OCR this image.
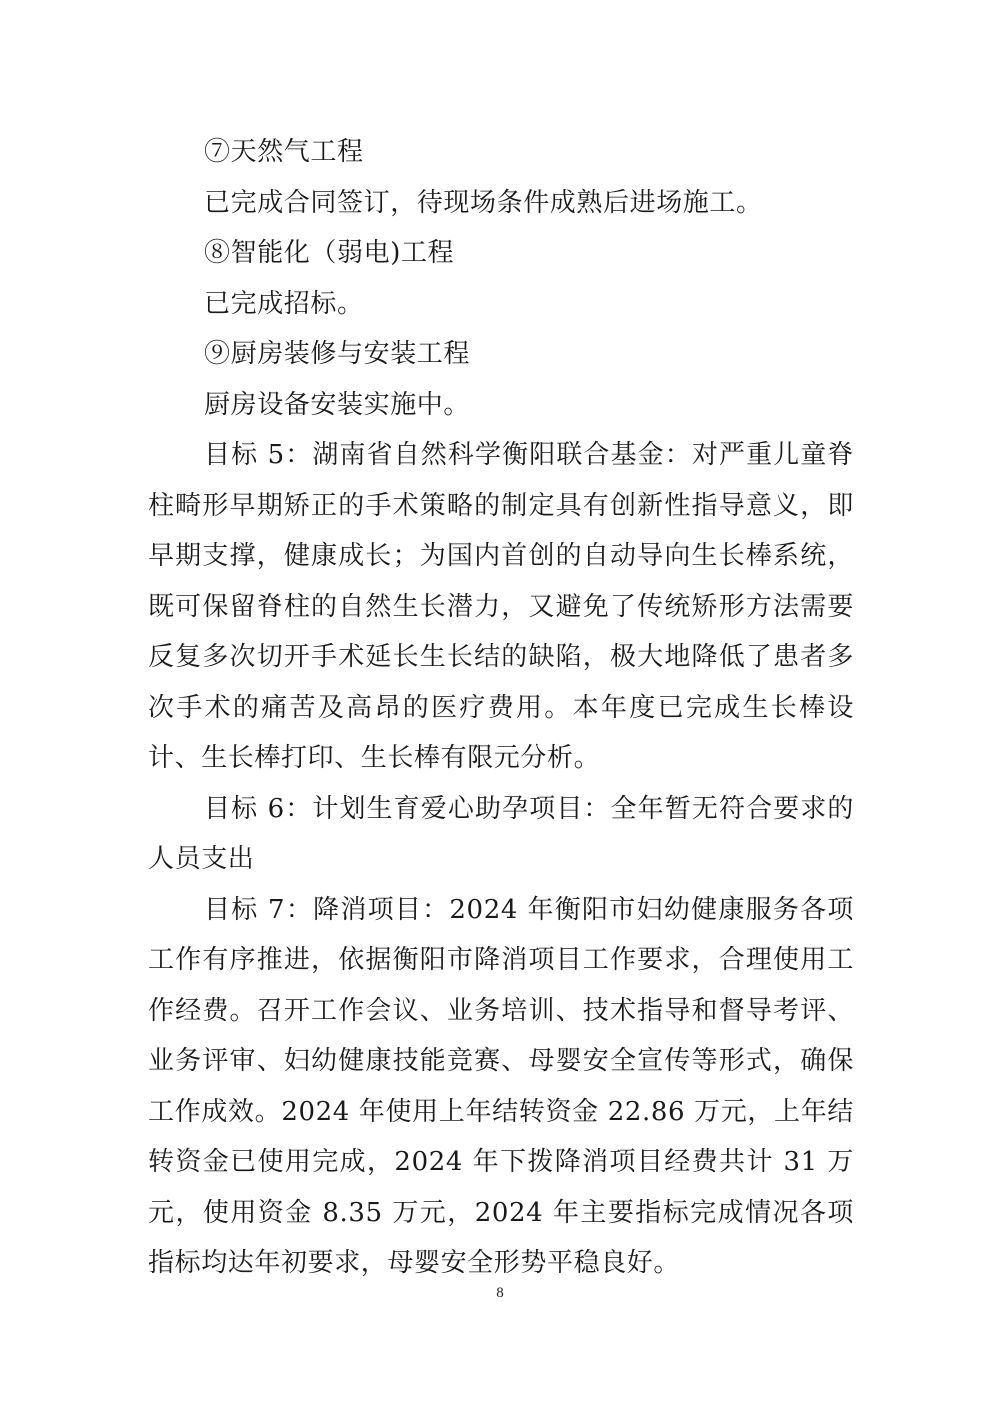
⑦天然气工程

已完成合同签订，待现场条件成熟后进场施工。

⑧智能化（弱电)工程

已完成招标。

⑨厨房装修与安装工程

厨房设备安装实施中。

目标 5：湖南省自然科学衡阳联合基金：对严重儿童脊柱畸形早期矫正的手术策略的制定具有创新性指导意义，即早期支撑，健康成长；为国内首创的自动导向生长棒系统，既可保留脊柱的自然生长潜力，又避免了传统矫形方法需要反复多次切开手术延长生长结的缺陷，极大地降低了患者多次手术的痛苦及高昂的医疗费用。本年度已完成生长棒设计、生长棒打印、生长棒有限元分析。

目标 6：计划生育爱心助孕项目：全年暂无符合要求的人员支出

目标 7：降消项目：2024 年衡阳市妇幼健康服务各项工作有序推进，依据衡阳市降消项目工作要求，合理使用工作经费。召开工作会议、业务培训、技术指导和督导考评、业务评审、妇幼健康技能竞赛、母婴安全宣传等形式，确保工作成效。2024 年使用上年结转资金 22.86 万元，上年结转资金已使用完成，2024 年下拨降消项目经费共计 31 万元，使用资金 8.35 万元，2024 年主要指标完成情况各项指标均达年初要求，母婴安全形势平稳良好。

8
